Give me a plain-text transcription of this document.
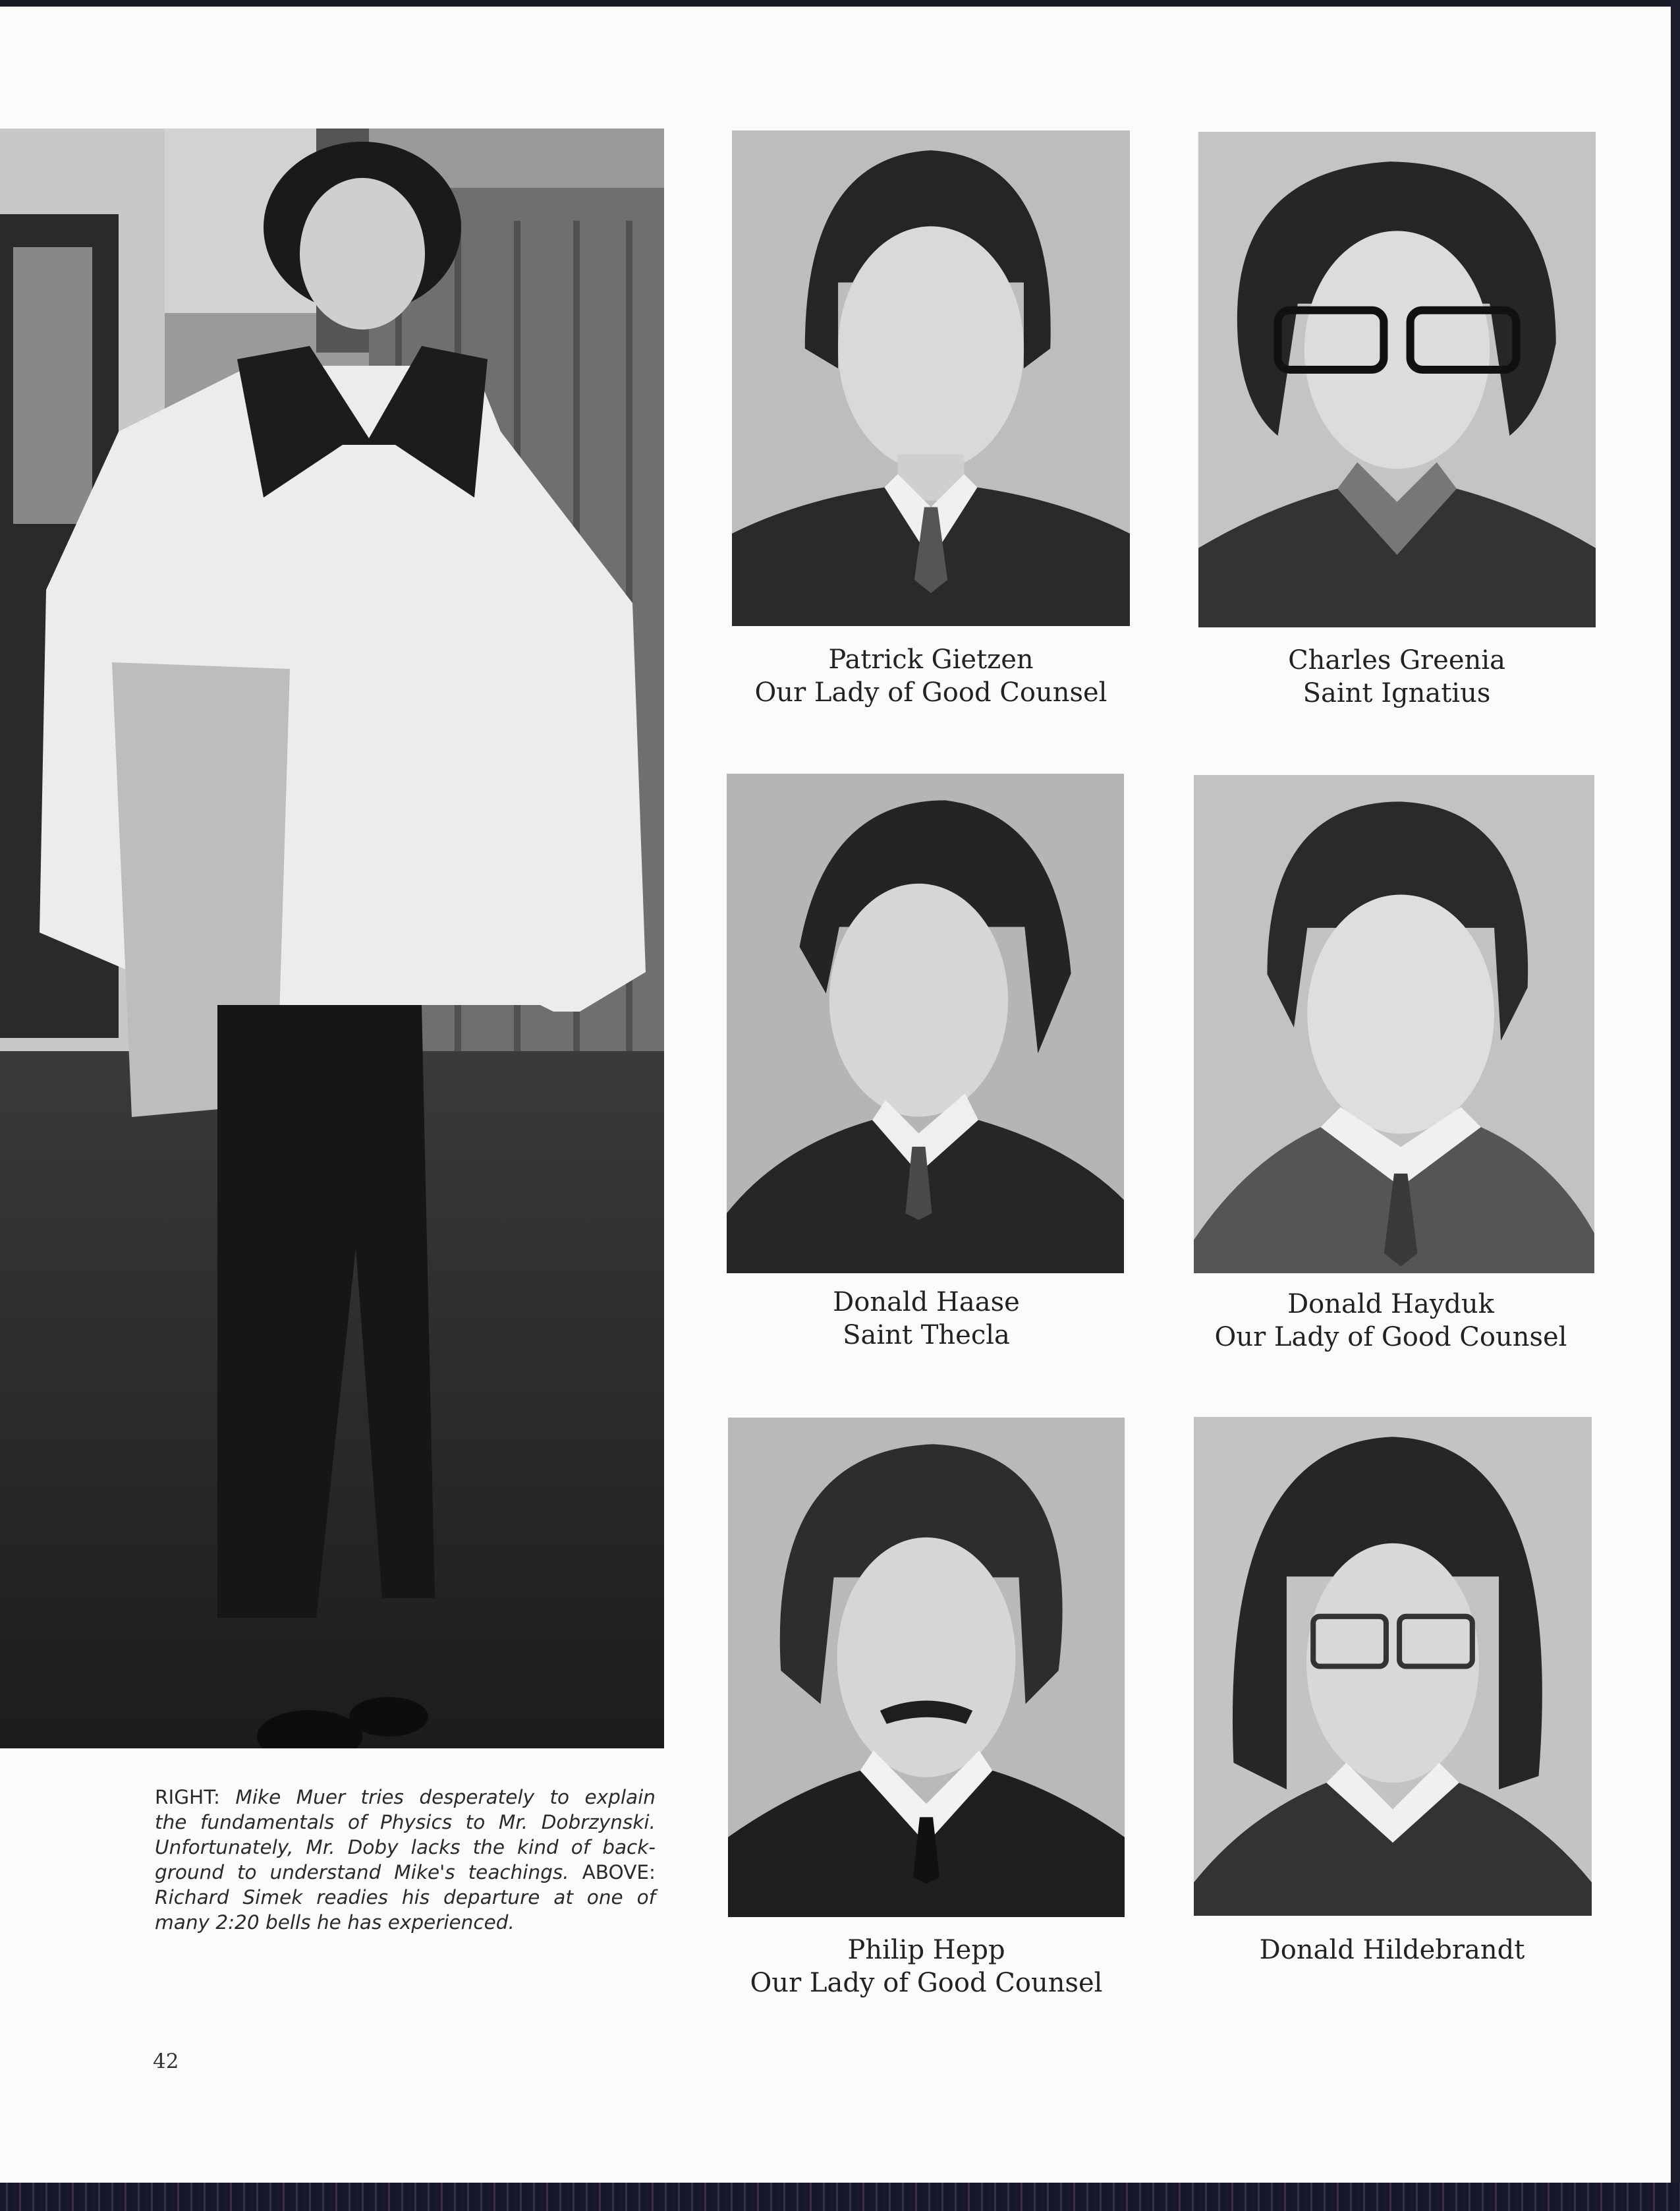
Patrick Gietzen
Our Lady of Good Counsel
Charles Greenia
Saint Ignatius
Donald Haase
Saint Thecla
Donald Hayduk
Our Lady of Good Counsel
Philip Hepp
Our Lady of Good Counsel
Donald Hildebrandt
RIGHT: Mike Muer tries desperately to explain
the fundamentals of Physics to Mr. Dobrzynski.
Unfortunately, Mr. Doby lacks the kind of back-
ground to understand Mike's teachings. ABOVE:
Richard Simek readies his departure at one of
many 2:20 bells he has experienced.
42
